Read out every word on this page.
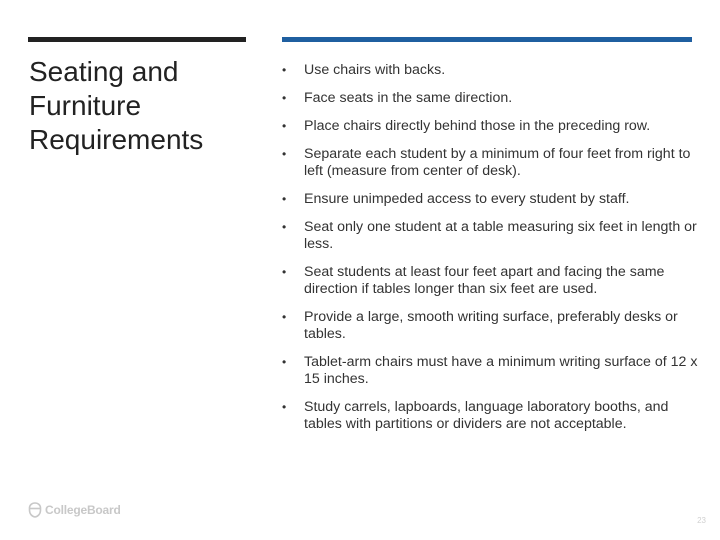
Seating and Furniture Requirements
• Use chairs with backs.
• Face seats in the same direction.
• Place chairs directly behind those in the preceding row.
• Separate each student by a minimum of four feet from right to left (measure from center of desk).
• Ensure unimpeded access to every student by staff.
• Seat only one student at a table measuring six feet in length or less.
• Seat students at least four feet apart and facing the same direction if tables longer than six feet are used.
• Provide a large, smooth writing surface, preferably desks or tables.
• Tablet-arm chairs must have a minimum writing surface of 12 x 15 inches.
• Study carrels, lapboards, language laboratory booths, and tables with partitions or dividers are not acceptable.
CollegeBoard
23
